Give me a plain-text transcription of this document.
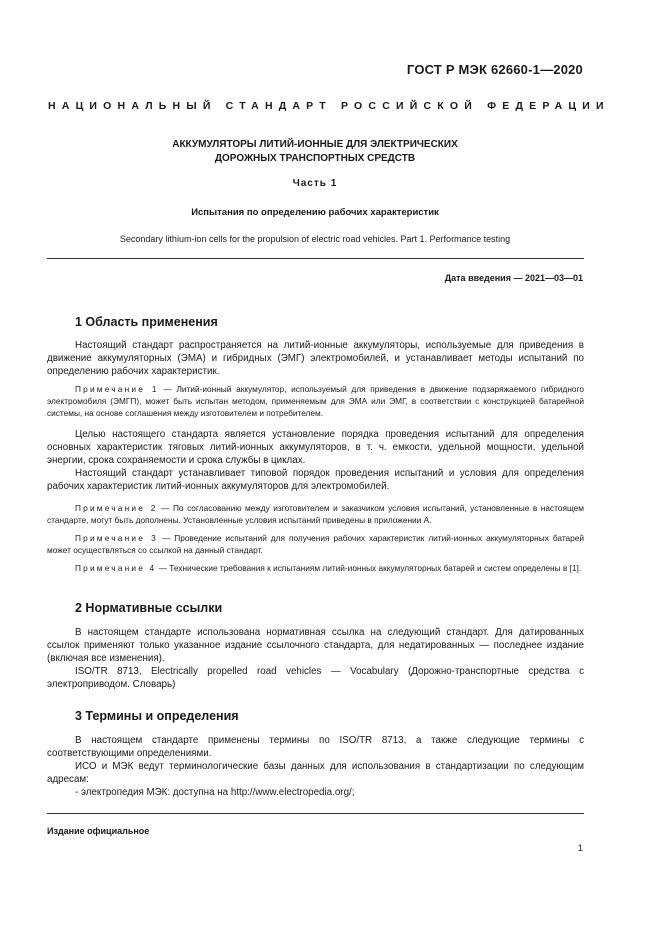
ГОСТ Р МЭК 62660-1—2020
НАЦИОНАЛЬНЫЙ СТАНДАРТ РОССИЙСКОЙ ФЕДЕРАЦИИ
АККУМУЛЯТОРЫ ЛИТИЙ-ИОННЫЕ ДЛЯ ЭЛЕКТРИЧЕСКИХ
ДОРОЖНЫХ ТРАНСПОРТНЫХ СРЕДСТВ
Часть 1
Испытания по определению рабочих характеристик
Secondary lithium-ion cells for the propulsion of electric road vehicles. Part 1. Performance testing
Дата введения — 2021—03—01
1 Область применения

Настоящий стандарт распространяется на литий-ионные аккумуляторы, используемые для приведения в движение аккумуляторных (ЭМА) и гибридных (ЭМГ) электромобилей, и устанавливает методы испытаний по определению рабочих характеристик.

Примечание 1 — Литий-ионный аккумулятор, используемый для приведения в движение подзаряжаемого гибридного электромобиля (ЭМГП), может быть испытан методом, применяемым для ЭМА или ЭМГ, в соответствии с конструкцией батарейной системы, на основе соглашения между изготовителем и потребителем.

Целью настоящего стандарта является установление порядка проведения испытаний для определения основных характеристик тяговых литий-ионных аккумуляторов, в т. ч. емкости, удельной мощности, удельной энергии, срока сохраняемости и срока службы в циклах.

Настоящий стандарт устанавливает типовой порядок проведения испытаний и условия для определения рабочих характеристик литий-ионных аккумуляторов для электромобилей.

Примечание 2 — По согласованию между изготовителем и заказчиком условия испытаний, установленные в настоящем стандарте, могут быть дополнены. Установленные условия испытаний приведены в приложении А.

Примечание 3 — Проведение испытаний для получения рабочих характеристик литий-ионных аккумуляторных батарей может осуществляться со ссылкой на данный стандарт.

Примечание 4 — Технические требования к испытаниям литий-ионных аккумуляторных батарей и систем определены в [1].

2 Нормативные ссылки

В настоящем стандарте использована нормативная ссылка на следующий стандарт. Для датированных ссылок применяют только указанное издание ссылочного стандарта, для недатированных — последнее издание (включая все изменения).

ISO/TR 8713, Electrically propelled road vehicles — Vocabulary (Дорожно-транспортные средства с электроприводом. Словарь)

3 Термины и определения

В настоящем стандарте применены термины по ISO/TR 8713, а также следующие термины с соответствующими определениями.

ИСО и МЭК ведут терминологические базы данных для использования в стандартизации по следующим адресам:

- электропедия МЭК: доступна на http://www.electropedia.org/;
Издание официальное
1
